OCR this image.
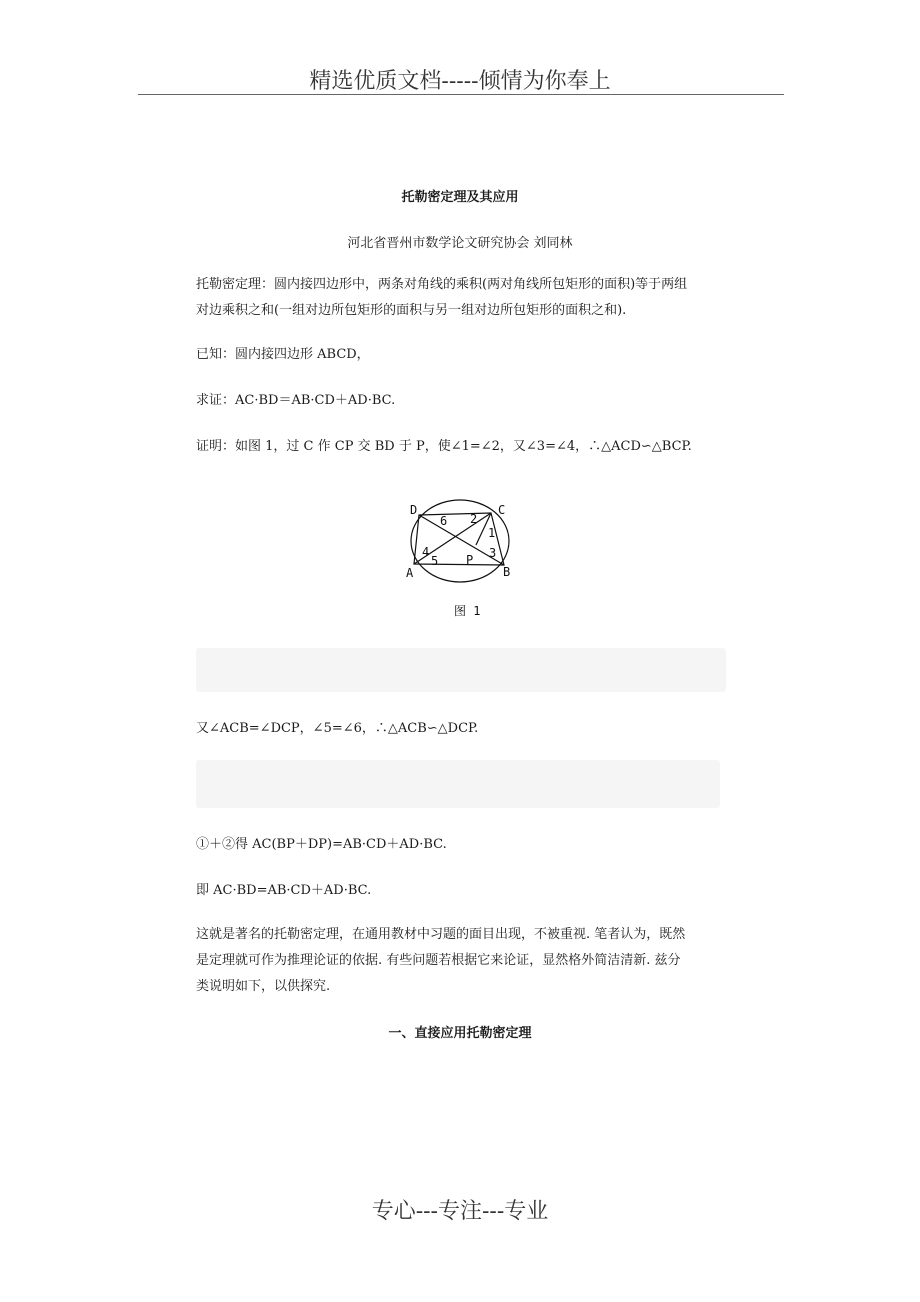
精选优质文档-----倾情为你奉上
托勒密定理及其应用
河北省晋州市数学论文研究协会 刘同林
托勒密定理：圆内接四边形中，两条对角线的乘积(两对角线所包矩形的面积)等于两组
对边乘积之和(一组对边所包矩形的面积与另一组对边所包矩形的面积之和).
已知：圆内接四边形 ABCD，
求证：AC·BD＝AB·CD＋AD·BC.
证明：如图 1，过 C 作 CP 交 BD 于 P，使∠1=∠2，又∠3=∠4，∴△ACD∽△BCP.
D	C
A	B
P
6 2
1
3
4
5
图 1
又∠ACB=∠DCP，∠5=∠6，∴△ACB∽△DCP.
①＋②得 AC(BP＋DP)=AB·CD＋AD·BC.
即 AC·BD=AB·CD＋AD·BC.
这就是著名的托勒密定理，在通用教材中习题的面目出现，不被重视. 笔者认为，既然
是定理就可作为推理论证的依据. 有些问题若根据它来论证，显然格外简洁清新. 兹分
类说明如下，以供探究.
一、直接应用托勒密定理
专心---专注---专业
